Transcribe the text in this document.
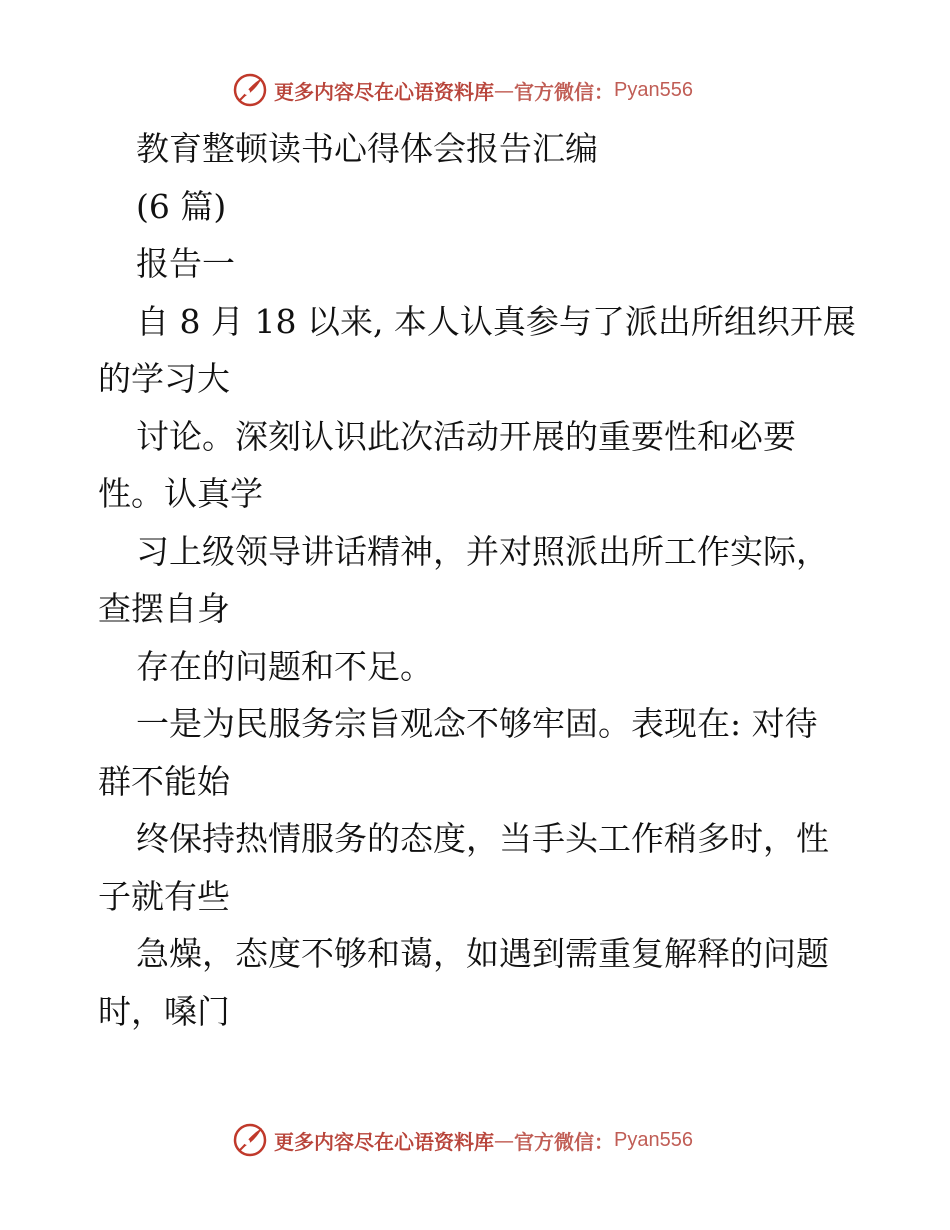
更多内容尽在心语资料库 — 官方微信： Pyan556
教育整顿读书心得体会报告汇编
(6 篇)
报告一
自 8 月 18 以来, 本人认真参与了派出所组织开展
的学习大
讨论。深刻认识此次活动开展的重要性和必要
性。认真学
习上级领导讲话精神，并对照派出所工作实际，
查摆自身
存在的问题和不足。
一是为民服务宗旨观念不够牢固。表现在: 对待
群不能始
终保持热情服务的态度，当手头工作稍多时，性
子就有些
急燥，态度不够和蔼，如遇到需重复解释的问题
时，嗓门
更多内容尽在心语资料库 — 官方微信： Pyan556
